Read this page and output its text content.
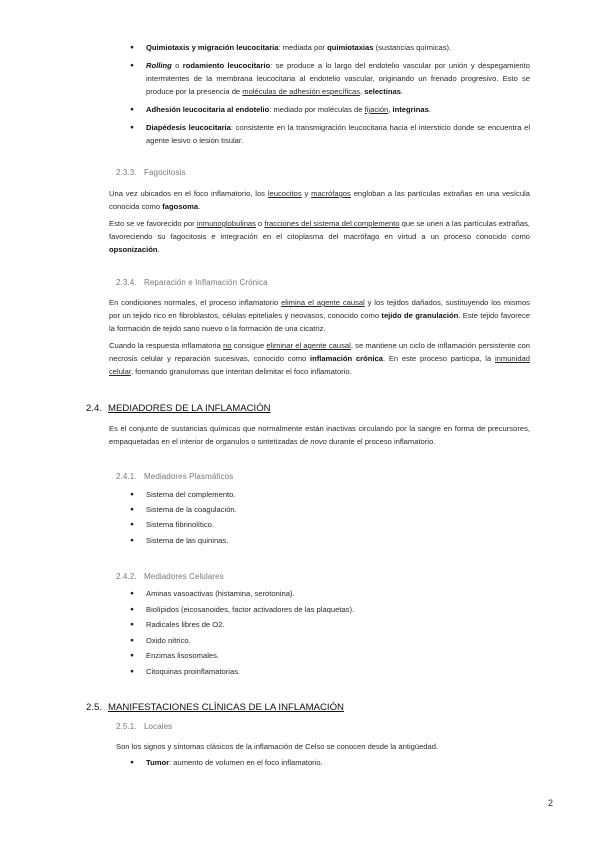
● Quimiotaxis y migración leucocitaria: mediada por quimiotaxias (sustancias químicas).
● Rolling o rodamiento leucocitario: se produce a lo largo del endotelio vascular por unión y despegamiento intermitentes de la membrana leucocitaria al endotelio vascular, originando un frenado progresivo. Esto se produce por la presencia de moléculas de adhesión específicas, selectinas.
● Adhesión leucocitaria al endotelio: mediado por moléculas de fijación, integrinas.
● Diapédesis leucocitaria: consistente en la transmigración leucocitaria hacia el intersticio donde se encuentra el agente lesivo o lesión tisular.
2.3.3. Fagocitosis
Una vez ubicados en el foco inflamatorio, los leucocitos y macrófagos engloban a las partículas extrañas en una vesícula conocida como fagosoma.
Esto se ve favorecido por inmunoglobulinas o fracciones del sistema del complemento que se unen a las partículas extrañas, favoreciendo su fagocitosis e integración en el citoplasma del macrófago en virtud a un proceso conocido como opsonización.
2.3.4. Reparación e Inflamación Crónica
En condiciones normales, el proceso inflamatorio elimina el agente causal y los tejidos dañados, sustituyendo los mismos por un tejido rico en fibroblastos, células epiteliales y neovasos, conocido como tejido de granulación. Este tejido favorece la formación de tejido sano nuevo o la formación de una cicatriz.
Cuando la respuesta inflamatoria no consigue eliminar el agente causal, se mantiene un ciclo de inflamación persistente con necrosis celular y reparación sucesivas, conocido como inflamación crónica. En este proceso participa, la inmunidad celular, formando granulomas que intentan delimitar el foco inflamatorio.
2.4. MEDIADORES DE LA INFLAMACIÓN
Es el conjunto de sustancias químicas que normalmente están inactivas circulando por la sangre en forma de precursores, empaquetadas en el interior de organulos o sintetizadas de novo durante el proceso inflamatorio.
2.4.1. Mediadores Plasmáticos
● Sistema del complemento.
● Sistema de la coagulación.
● Sistema fibrinolítico.
● Sistema de las quininas.
2.4.2. Mediadores Celulares
● Aminas vasoactivas (histamina, serotonina).
● Biolípidos (eicosanoides, factor activadores de las plaquetas).
● Radicales libres de O2.
● Oxido nítrico.
● Enzimas lisosomales.
● Citoquinas proinflamatorias.
2.5. MANIFESTACIONES CLÍNICAS DE LA INFLAMACIÓN
2.5.1. Locales
Son los signos y síntomas clásicos de la inflamación de Celso se conocen desde la antigüedad.
● Tumor: aumento de volumen en el foco inflamatorio.
2
